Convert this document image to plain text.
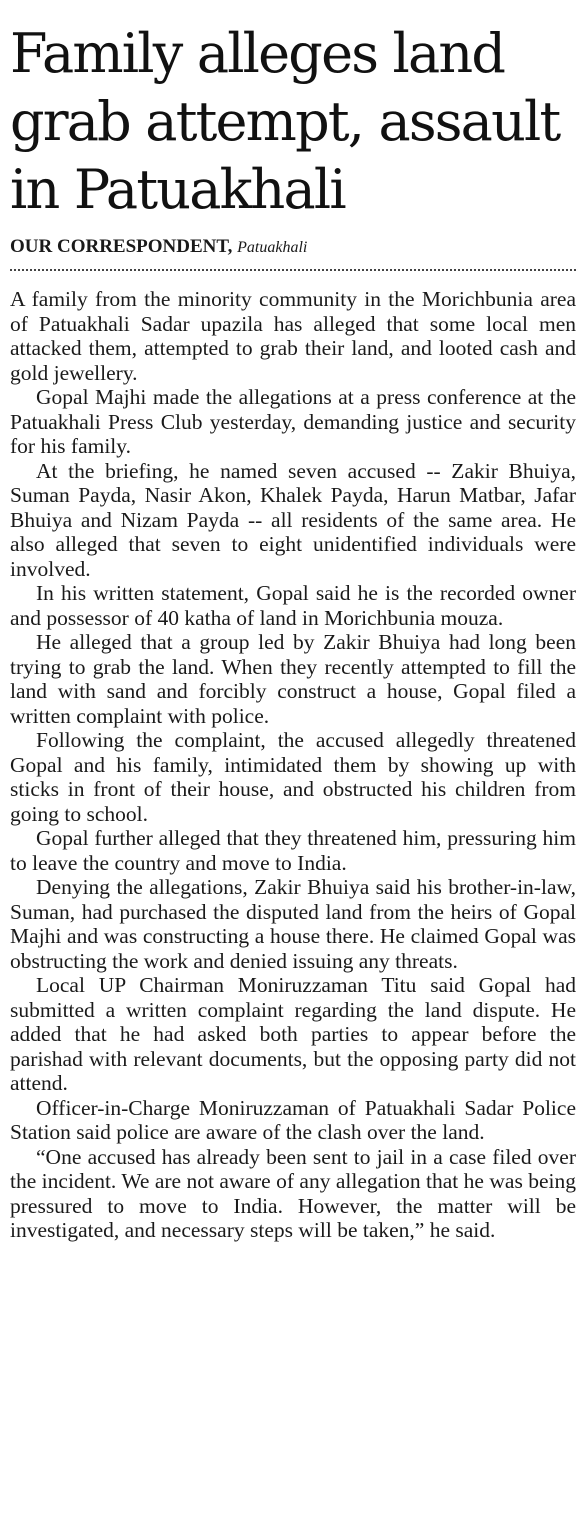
Family alleges land grab attempt, assault in Patuakhali
OUR CORRESPONDENT, Patuakhali

A family from the minority community in the Morichbunia area of Patuakhali Sadar upazila has alleged that some local men attacked them, attempted to grab their land, and looted cash and gold jewellery.

Gopal Majhi made the allegations at a press conference at the Patuakhali Press Club yesterday, demanding justice and security for his family.

At the briefing, he named seven accused -- Zakir Bhuiya, Suman Payda, Nasir Akon, Khalek Payda, Harun Matbar, Jafar Bhuiya and Nizam Payda -- all residents of the same area. He also alleged that seven to eight unidentified individuals were involved.

In his written statement, Gopal said he is the recorded owner and possessor of 40 katha of land in Morichbunia mouza.

He alleged that a group led by Zakir Bhuiya had long been trying to grab the land. When they recently attempted to fill the land with sand and forcibly construct a house, Gopal filed a written complaint with police.

Following the complaint, the accused allegedly threatened Gopal and his family, intimidated them by showing up with sticks in front of their house, and obstructed his children from going to school.

Gopal further alleged that they threatened him, pressuring him to leave the country and move to India.

Denying the allegations, Zakir Bhuiya said his brother-in-law, Suman, had purchased the disputed land from the heirs of Gopal Majhi and was constructing a house there. He claimed Gopal was obstructing the work and denied issuing any threats.

Local UP Chairman Moniruzzaman Titu said Gopal had submitted a written complaint regarding the land dispute. He added that he had asked both parties to appear before the parishad with relevant documents, but the opposing party did not attend.

Officer-in-Charge Moniruzzaman of Patuakhali Sadar Police Station said police are aware of the clash over the land.

“One accused has already been sent to jail in a case filed over the incident. We are not aware of any allegation that he was being pressured to move to India. However, the matter will be investigated, and necessary steps will be taken,” he said.
